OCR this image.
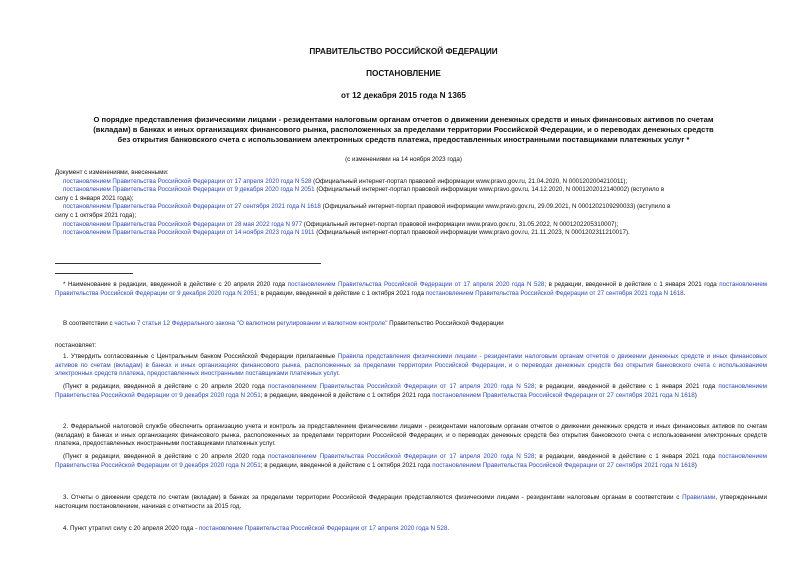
ПРАВИТЕЛЬСТВО РОССИЙСКОЙ ФЕДЕРАЦИИ
ПОСТАНОВЛЕНИЕ
от 12 декабря 2015 года N 1365
О порядке представления физическими лицами - резидентами налоговым органам отчетов о движении денежных средств и иных финансовых активов по счетам
(вкладам) в банках и иных организациях финансового рынка, расположенных за пределами территории Российской Федерации, и о переводах денежных средств
без открытия банковского счета с использованием электронных средств платежа, предоставленных иностранными поставщиками платежных услуг *
(с изменениями на 14 ноября 2023 года)
Документ с изменениями, внесенными:
постановлением Правительства Российской Федерации от 17 апреля 2020 года N 528 (Официальный интернет-портал правовой информации www.pravo.gov.ru, 21.04.2020, N 0001202004210011);
постановлением Правительства Российской Федерации от 9 декабря 2020 года N 2051 (Официальный интернет-портал правовой информации www.pravo.gov.ru, 14.12.2020, N 0001202012140002) (вступило в
силу с 1 января 2021 года);
постановлением Правительства Российской Федерации от 27 сентября 2021 года N 1618 (Официальный интернет-портал правовой информации www.pravo.gov.ru, 29.09.2021, N 0001202109290033) (вступило в
силу с 1 октября 2021 года);
постановлением Правительства Российской Федерации от 28 мая 2022 года N 977 (Официальный интернет-портал правовой информации www.pravo.gov.ru, 31.05.2022, N 0001202205310007);
постановлением Правительства Российской Федерации от 14 ноября 2023 года N 1911 (Официальный интернет-портал правовой информации www.pravo.gov.ru, 21.11.2023, N 0001202311210017).
* Наименование в редакции, введенной в действие с 20 апреля 2020 года постановлением Правительства Российской Федерации от 17 апреля 2020 года N 528; в редакции, введенной в действие с 1 января 2021 года постановлением Правительства Российской Федерации от 9 декабря 2020 года N 2051; в редакции, введенной в действие с 1 октября 2021 года постановлением Правительства Российской Федерации от 27 сентября 2021 года N 1618.
В соответствии с частью 7 статьи 12 Федерального закона "О валютном регулировании и валютном контроле" Правительство Российской Федерации
постановляет:
1. Утвердить согласованные с Центральным банком Российской Федерации прилагаемые Правила представления физическими лицами - резидентами налоговым органам отчетов о движении денежных средств и иных финансовых активов по счетам (вкладам) в банках и иных организациях финансового рынка, расположенных за пределами территории Российской Федерации, и о переводах денежных средств без открытия банковского счета с использованием электронных средств платежа, предоставленных иностранными поставщиками платежных услуг.
(Пункт в редакции, введенной в действие с 20 апреля 2020 года постановлением Правительства Российской Федерации от 17 апреля 2020 года N 528; в редакции, введенной в действие с 1 января 2021 года постановлением Правительства Российской Федерации от 9 декабря 2020 года N 2051; в редакции, введенной в действие с 1 октября 2021 года постановлением Правительства Российской Федерации от 27 сентября 2021 года N 1618)
2. Федеральной налоговой службе обеспечить организацию учета и контроль за представлением физическими лицами - резидентами налоговым органам отчетов о движении денежных средств и иных финансовых активов по счетам (вкладам) в банках и иных организациях финансового рынка, расположенных за пределами территории Российской Федерации, и о переводах денежных средств без открытия банковского счета с использованием электронных средств платежа, предоставленных иностранными поставщиками платежных услуг.
(Пункт в редакции, введенной в действие с 20 апреля 2020 года постановлением Правительства Российской Федерации от 17 апреля 2020 года N 528; в редакции, введенной в действие с 1 января 2021 года постановлением Правительства Российской Федерации от 9 декабря 2020 года N 2051; в редакции, введенной в действие с 1 октября 2021 года постановлением Правительства Российской Федерации от 27 сентября 2021 года N 1618)
3. Отчеты о движении средств по счетам (вкладам) в банках за пределами территории Российской Федерации представляются физическими лицами - резидентами налоговым органам в соответствии с Правилами, утвержденными настоящим постановлением, начиная с отчетности за 2015 год.
4. Пункт утратил силу с 20 апреля 2020 года - постановление Правительства Российской Федерации от 17 апреля 2020 года N 528.
